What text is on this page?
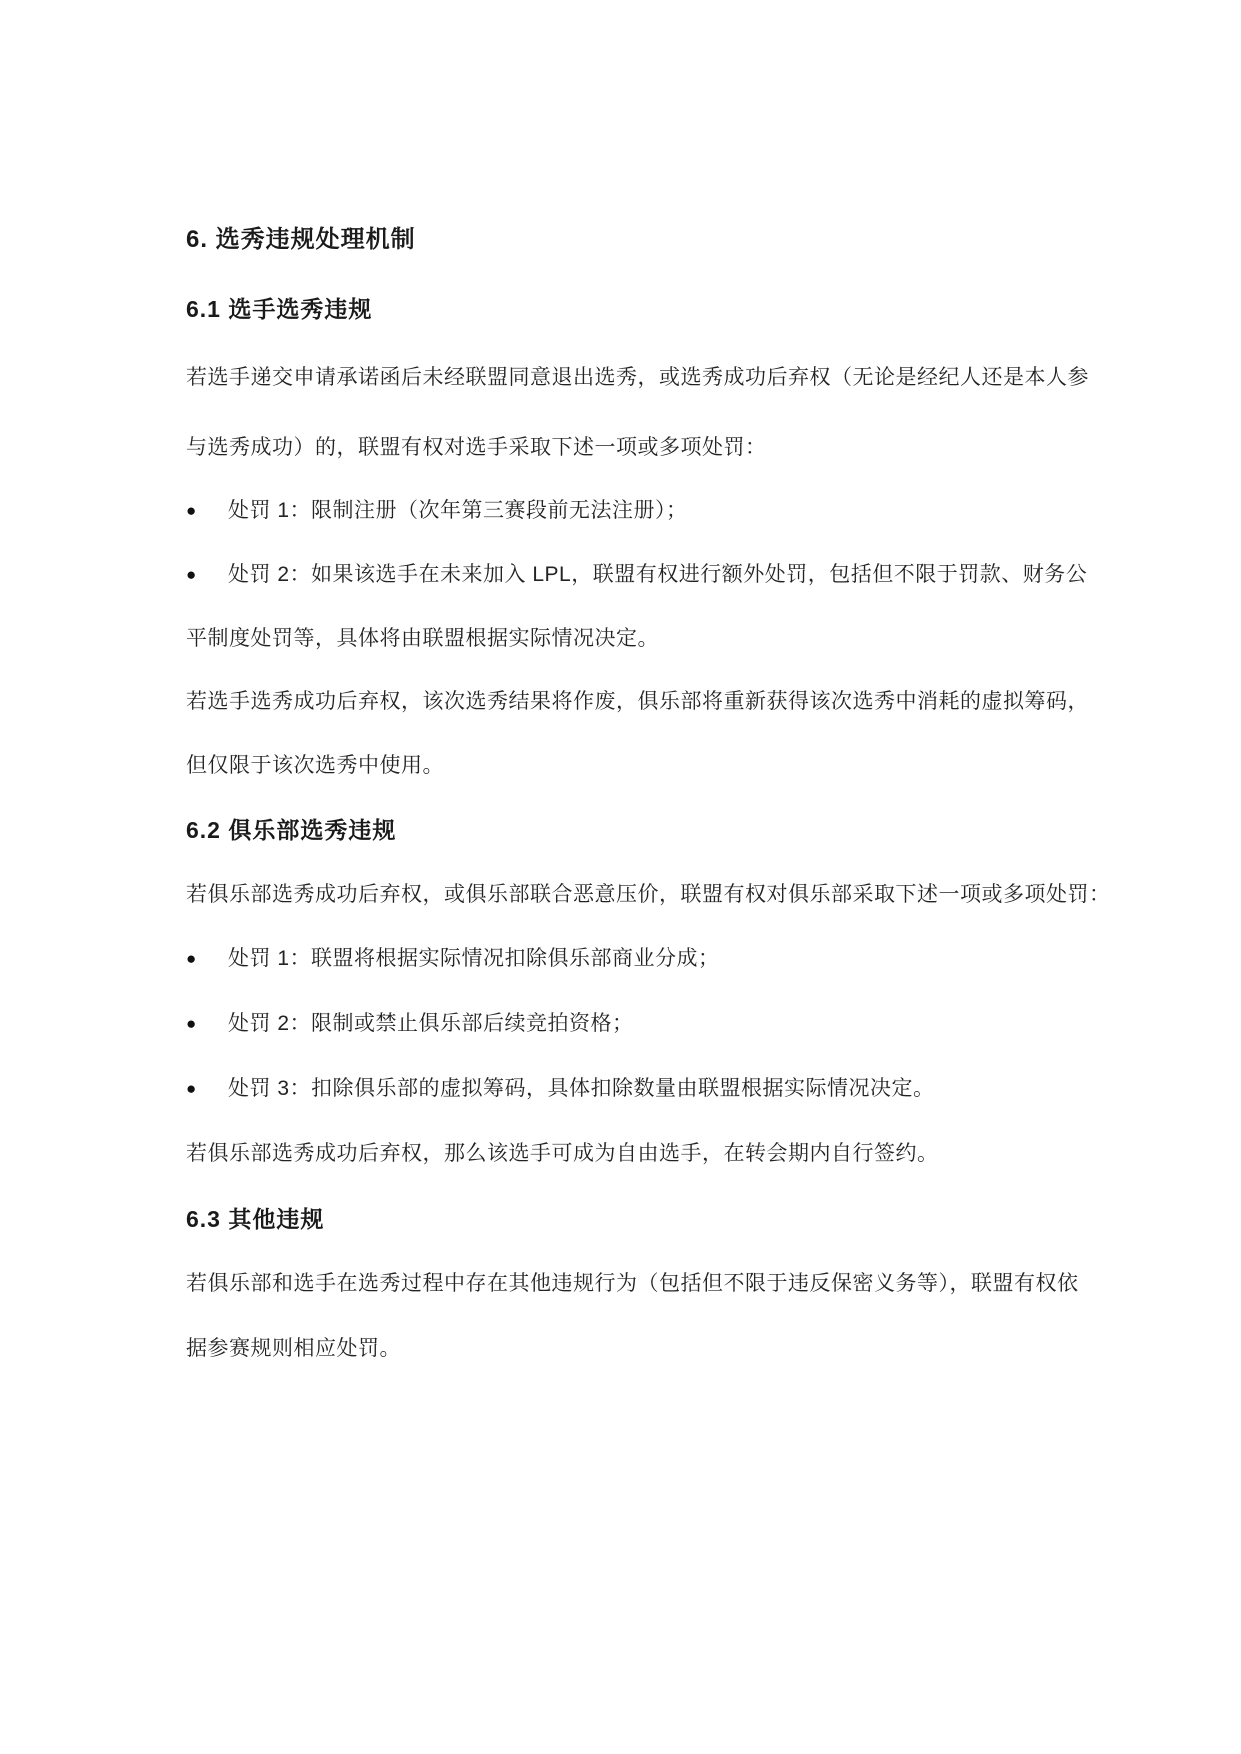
6. 选秀违规处理机制
6.1 选手选秀违规
若选手递交申请承诺函后未经联盟同意退出选秀，或选秀成功后弃权（无论是经纪人还是本人参
与选秀成功）的，联盟有权对选手采取下述一项或多项处罚：
●	处罚 1：限制注册（次年第三赛段前无法注册）；
●	处罚 2：如果该选手在未来加入 LPL，联盟有权进行额外处罚，包括但不限于罚款、财务公
平制度处罚等，具体将由联盟根据实际情况决定。
若选手选秀成功后弃权，该次选秀结果将作废，俱乐部将重新获得该次选秀中消耗的虚拟筹码，
但仅限于该次选秀中使用。
6.2 俱乐部选秀违规
若俱乐部选秀成功后弃权，或俱乐部联合恶意压价，联盟有权对俱乐部采取下述一项或多项处罚：
●	处罚 1：联盟将根据实际情况扣除俱乐部商业分成；
●	处罚 2：限制或禁止俱乐部后续竞拍资格；
●	处罚 3：扣除俱乐部的虚拟筹码，具体扣除数量由联盟根据实际情况决定。
若俱乐部选秀成功后弃权，那么该选手可成为自由选手，在转会期内自行签约。
6.3 其他违规
若俱乐部和选手在选秀过程中存在其他违规行为（包括但不限于违反保密义务等），联盟有权依
据参赛规则相应处罚。
